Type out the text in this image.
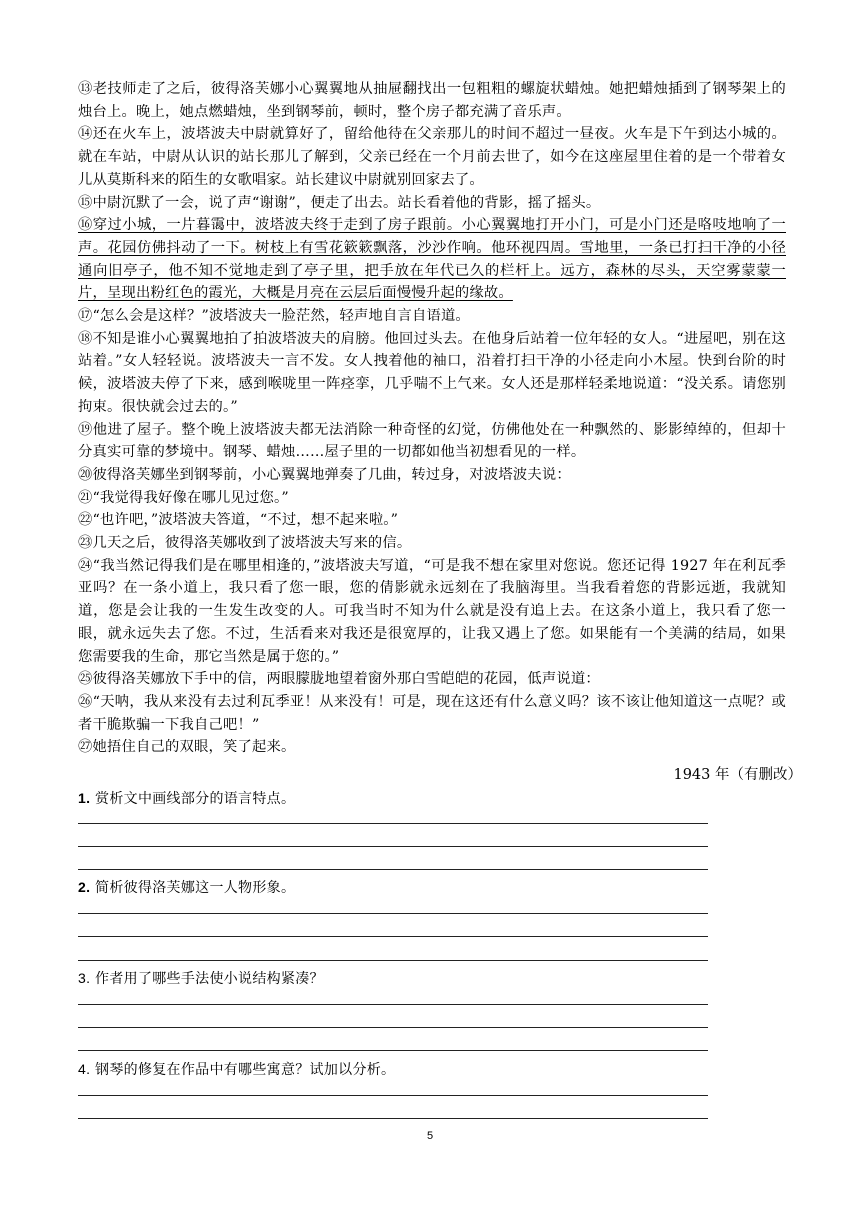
⑬老技师走了之后，彼得洛芙娜小心翼翼地从抽屉翻找出一包粗粗的螺旋状蜡烛。她把蜡烛插到了钢琴架上的烛台上。晚上，她点燃蜡烛，坐到钢琴前，顿时，整个房子都充满了音乐声。

⑭还在火车上，波塔波夫中尉就算好了，留给他待在父亲那儿的时间不超过一昼夜。火车是下午到达小城的。就在车站，中尉从认识的站长那儿了解到，父亲已经在一个月前去世了，如今在这座屋里住着的是一个带着女儿从莫斯科来的陌生的女歌唱家。站长建议中尉就别回家去了。

⑮中尉沉默了一会，说了声“谢谢”，便走了出去。站长看着他的背影，摇了摇头。

⑯穿过小城，一片暮霭中，波塔波夫终于走到了房子跟前。小心翼翼地打开小门，可是小门还是咯吱地响了一声。花园仿佛抖动了一下。树枝上有雪花簌簌飘落，沙沙作响。他环视四周。雪地里，一条已打扫干净的小径通向旧亭子，他不知不觉地走到了亭子里，把手放在年代已久的栏杆上。远方，森林的尽头，天空雾蒙蒙一片，呈现出粉红色的霞光，大概是月亮在云层后面慢慢升起的缘故。

⑰“怎么会是这样？”波塔波夫一脸茫然，轻声地自言自语道。

⑱不知是谁小心翼翼地拍了拍波塔波夫的肩膀。他回过头去。在他身后站着一位年轻的女人。“进屋吧，别在这站着。”女人轻轻说。波塔波夫一言不发。女人拽着他的袖口，沿着打扫干净的小径走向小木屋。快到台阶的时候，波塔波夫停了下来，感到喉咙里一阵痉挛，几乎喘不上气来。女人还是那样轻柔地说道：“没关系。请您别拘束。很快就会过去的。”

⑲他进了屋子。整个晚上波塔波夫都无法消除一种奇怪的幻觉，仿佛他处在一种飘然的、影影绰绰的，但却十分真实可靠的梦境中。钢琴、蜡烛……屋子里的一切都如他当初想看见的一样。

⑳彼得洛芙娜坐到钢琴前，小心翼翼地弹奏了几曲，转过身，对波塔波夫说：

㉑“我觉得我好像在哪儿见过您。”

㉒“也许吧，”波塔波夫答道，“不过，想不起来啦。”

㉓几天之后，彼得洛芙娜收到了波塔波夫写来的信。

㉔“我当然记得我们是在哪里相逢的，”波塔波夫写道，“可是我不想在家里对您说。您还记得 1927 年在利瓦季亚吗？在一条小道上，我只看了您一眼，您的倩影就永远刻在了我脑海里。当我看着您的背影远逝，我就知道，您是会让我的一生发生改变的人。可我当时不知为什么就是没有追上去。在这条小道上，我只看了您一眼，就永远失去了您。不过，生活看来对我还是很宽厚的，让我又遇上了您。如果能有一个美满的结局，如果您需要我的生命，那它当然是属于您的。”

㉕彼得洛芙娜放下手中的信，两眼朦胧地望着窗外那白雪皑皑的花园，低声说道：

㉖“天呐，我从来没有去过利瓦季亚！从来没有！可是，现在这还有什么意义吗？该不该让他知道这一点呢？或者干脆欺骗一下我自己吧！”

㉗她捂住自己的双眼，笑了起来。

1943 年（有删改）
1. 赏析文中画线部分的语言特点。
2. 简析彼得洛芙娜这一人物形象。
3. 作者用了哪些手法使小说结构紧凑？
4. 钢琴的修复在作品中有哪些寓意？试加以分析。
5
